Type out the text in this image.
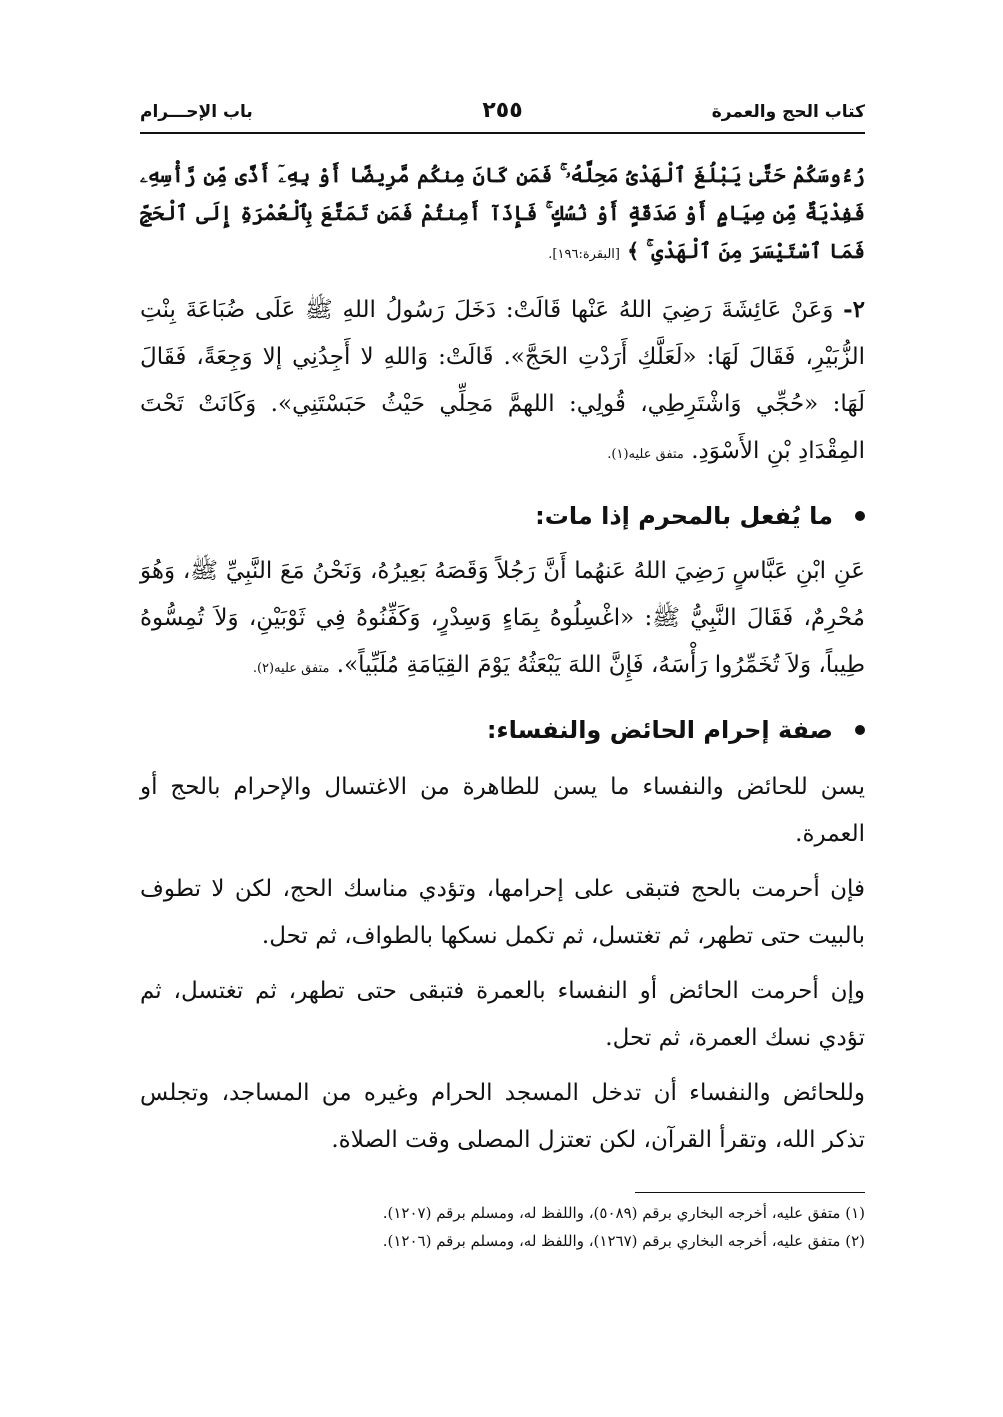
كتاب الحج والعمرة
٢٥٥
باب الإحـــرام
رُءُوسَكُمْ حَتَّىٰ يَبْلُغَ ٱلْهَدْىُ مَحِلَّهُۥ ۚ فَمَن كَانَ مِنكُم مَّرِيضًا أَوْ بِهِۦٓ أَذًى مِّن رَّأْسِهِۦ فَفِدْيَةٌ مِّن صِيَامٍ أَوْ صَدَقَةٍ أَوْ نُسُكٍ ۚ فَإِذَآ أَمِنتُمْ فَمَن تَمَتَّعَ بِٱلْعُمْرَةِ إِلَى ٱلْحَجِّ فَمَا ٱسْتَيْسَرَ مِنَ ٱلْهَدْىِ ۚ ﴾ [البقرة:١٩٦].
٢- وَعَنْ عَائِشَةَ رَضِيَ اللهُ عَنْها قَالَتْ: دَخَلَ رَسُولُ اللهِ ﷺ عَلَى ضُبَاعَةَ بِنْتِ الزُّبَيْرِ، فَقَالَ لَهَا: «لَعَلَّكِ أَرَدْتِ الحَجَّ». قَالَتْ: وَاللهِ لا أَجِدُنِي إلا وَجِعَةً، فَقَالَ لَهَا: «حُجِّي وَاشْتَرِطِي، قُولِي: اللهمَّ مَحِلِّي حَيْثُ حَبَسْتَنِي». وَكَانَتْ تَحْتَ المِقْدَادِ بْنِ الأَسْوَدِ. متفق عليه(١).
ما يُفعل بالمحرم إذا مات:
عَنِ ابْنِ عَبَّاسٍ رَضِيَ اللهُ عَنهُما أَنَّ رَجُلاً وَقَصَهُ بَعِيرُهُ، وَنَحْنُ مَعَ النَّبِيِّ ﷺ، وَهُوَ مُحْرِمٌ، فَقَالَ النَّبِيُّ ﷺ: «اغْسِلُوهُ بِمَاءٍ وَسِدْرٍ، وَكَفِّنُوهُ فِي ثَوْبَيْنِ، وَلاَ تُمِسُّوهُ طِيباً، وَلاَ تُخَمِّرُوا رَأْسَهُ، فَإِنَّ اللهَ يَبْعَثُهُ يَوْمَ القِيَامَةِ مُلَبِّياً». متفق عليه(٢).
صفة إحرام الحائض والنفساء:
يسن للحائض والنفساء ما يسن للطاهرة من الاغتسال والإحرام بالحج أو العمرة.
فإن أحرمت بالحج فتبقى على إحرامها، وتؤدي مناسك الحج، لكن لا تطوف بالبيت حتى تطهر، ثم تغتسل، ثم تكمل نسكها بالطواف، ثم تحل.
وإن أحرمت الحائض أو النفساء بالعمرة فتبقى حتى تطهر، ثم تغتسل، ثم تؤدي نسك العمرة، ثم تحل.
وللحائض والنفساء أن تدخل المسجد الحرام وغيره من المساجد، وتجلس تذكر الله، وتقرأ القرآن، لكن تعتزل المصلى وقت الصلاة.
(١) متفق عليه، أخرجه البخاري برقم (٥٠٨٩)، واللفظ له، ومسلم برقم (١٢٠٧).
(٢) متفق عليه، أخرجه البخاري برقم (١٢٦٧)، واللفظ له، ومسلم برقم (١٢٠٦).
